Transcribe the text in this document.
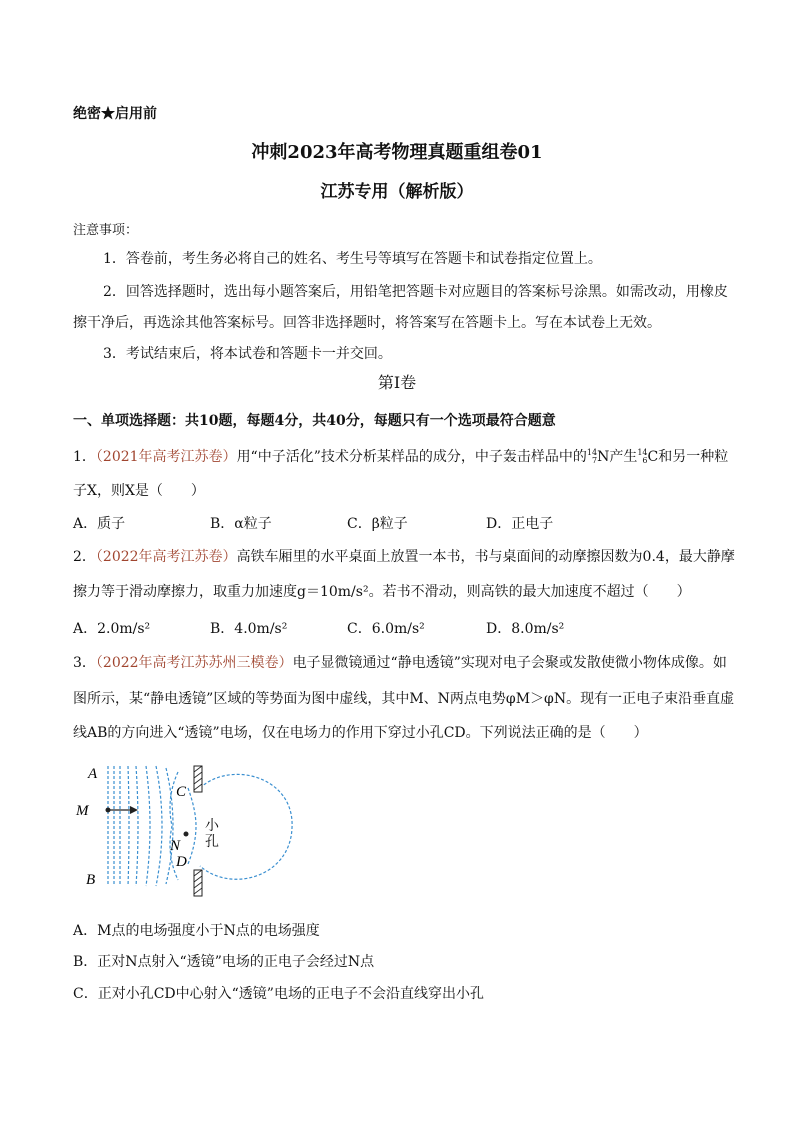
绝密★启用前
冲刺2023年高考物理真题重组卷01
江苏专用（解析版）
注意事项：
1．答卷前，考生务必将自己的姓名、考生号等填写在答题卡和试卷指定位置上。
2．回答选择题时，选出每小题答案后，用铅笔把答题卡对应题目的答案标号涂黑。如需改动，用橡皮
擦干净后，再选涂其他答案标号。回答非选择题时，将答案写在答题卡上。写在本试卷上无效。
3．考试结束后，将本试卷和答题卡一并交回。
第Ⅰ卷
一、单项选择题：共10题，每题4分，共40分，每题只有一个选项最符合题意
1．（2021年高考江苏卷）用“中子活化”技术分析某样品的成分，中子轰击样品中的 14
7 N产生 14
6 C和另一种粒
子X，则X是（　　）
A．质子	B．α粒子	C．β粒子	D．正电子
2．（2022年高考江苏卷）高铁车厢里的水平桌面上放置一本书，书与桌面间的动摩擦因数为0.4，最大静摩
擦力等于滑动摩擦力，取重力加速度g＝10m/s²。若书不滑动，则高铁的最大加速度不超过（　　）
A．2.0m/s²	B．4.0m/s²	C．6.0m/s²	D．8.0m/s²
3．（2022年高考江苏苏州三模卷）电子显微镜通过“静电透镜”实现对电子会聚或发散使微小物体成像。如
图所示，某“静电透镜”区域的等势面为图中虚线，其中M、N两点电势φM＞φN。现有一正电子束沿垂直虚
线AB的方向进入“透镜”电场，仅在电场力的作用下穿过小孔CD。下列说法正确的是（　　）
A
M
B
C
N
D
小孔
A．M点的电场强度小于N点的电场强度
B．正对N点射入“透镜”电场的正电子会经过N点
C．正对小孔CD中心射入“透镜”电场的正电子不会沿直线穿出小孔
